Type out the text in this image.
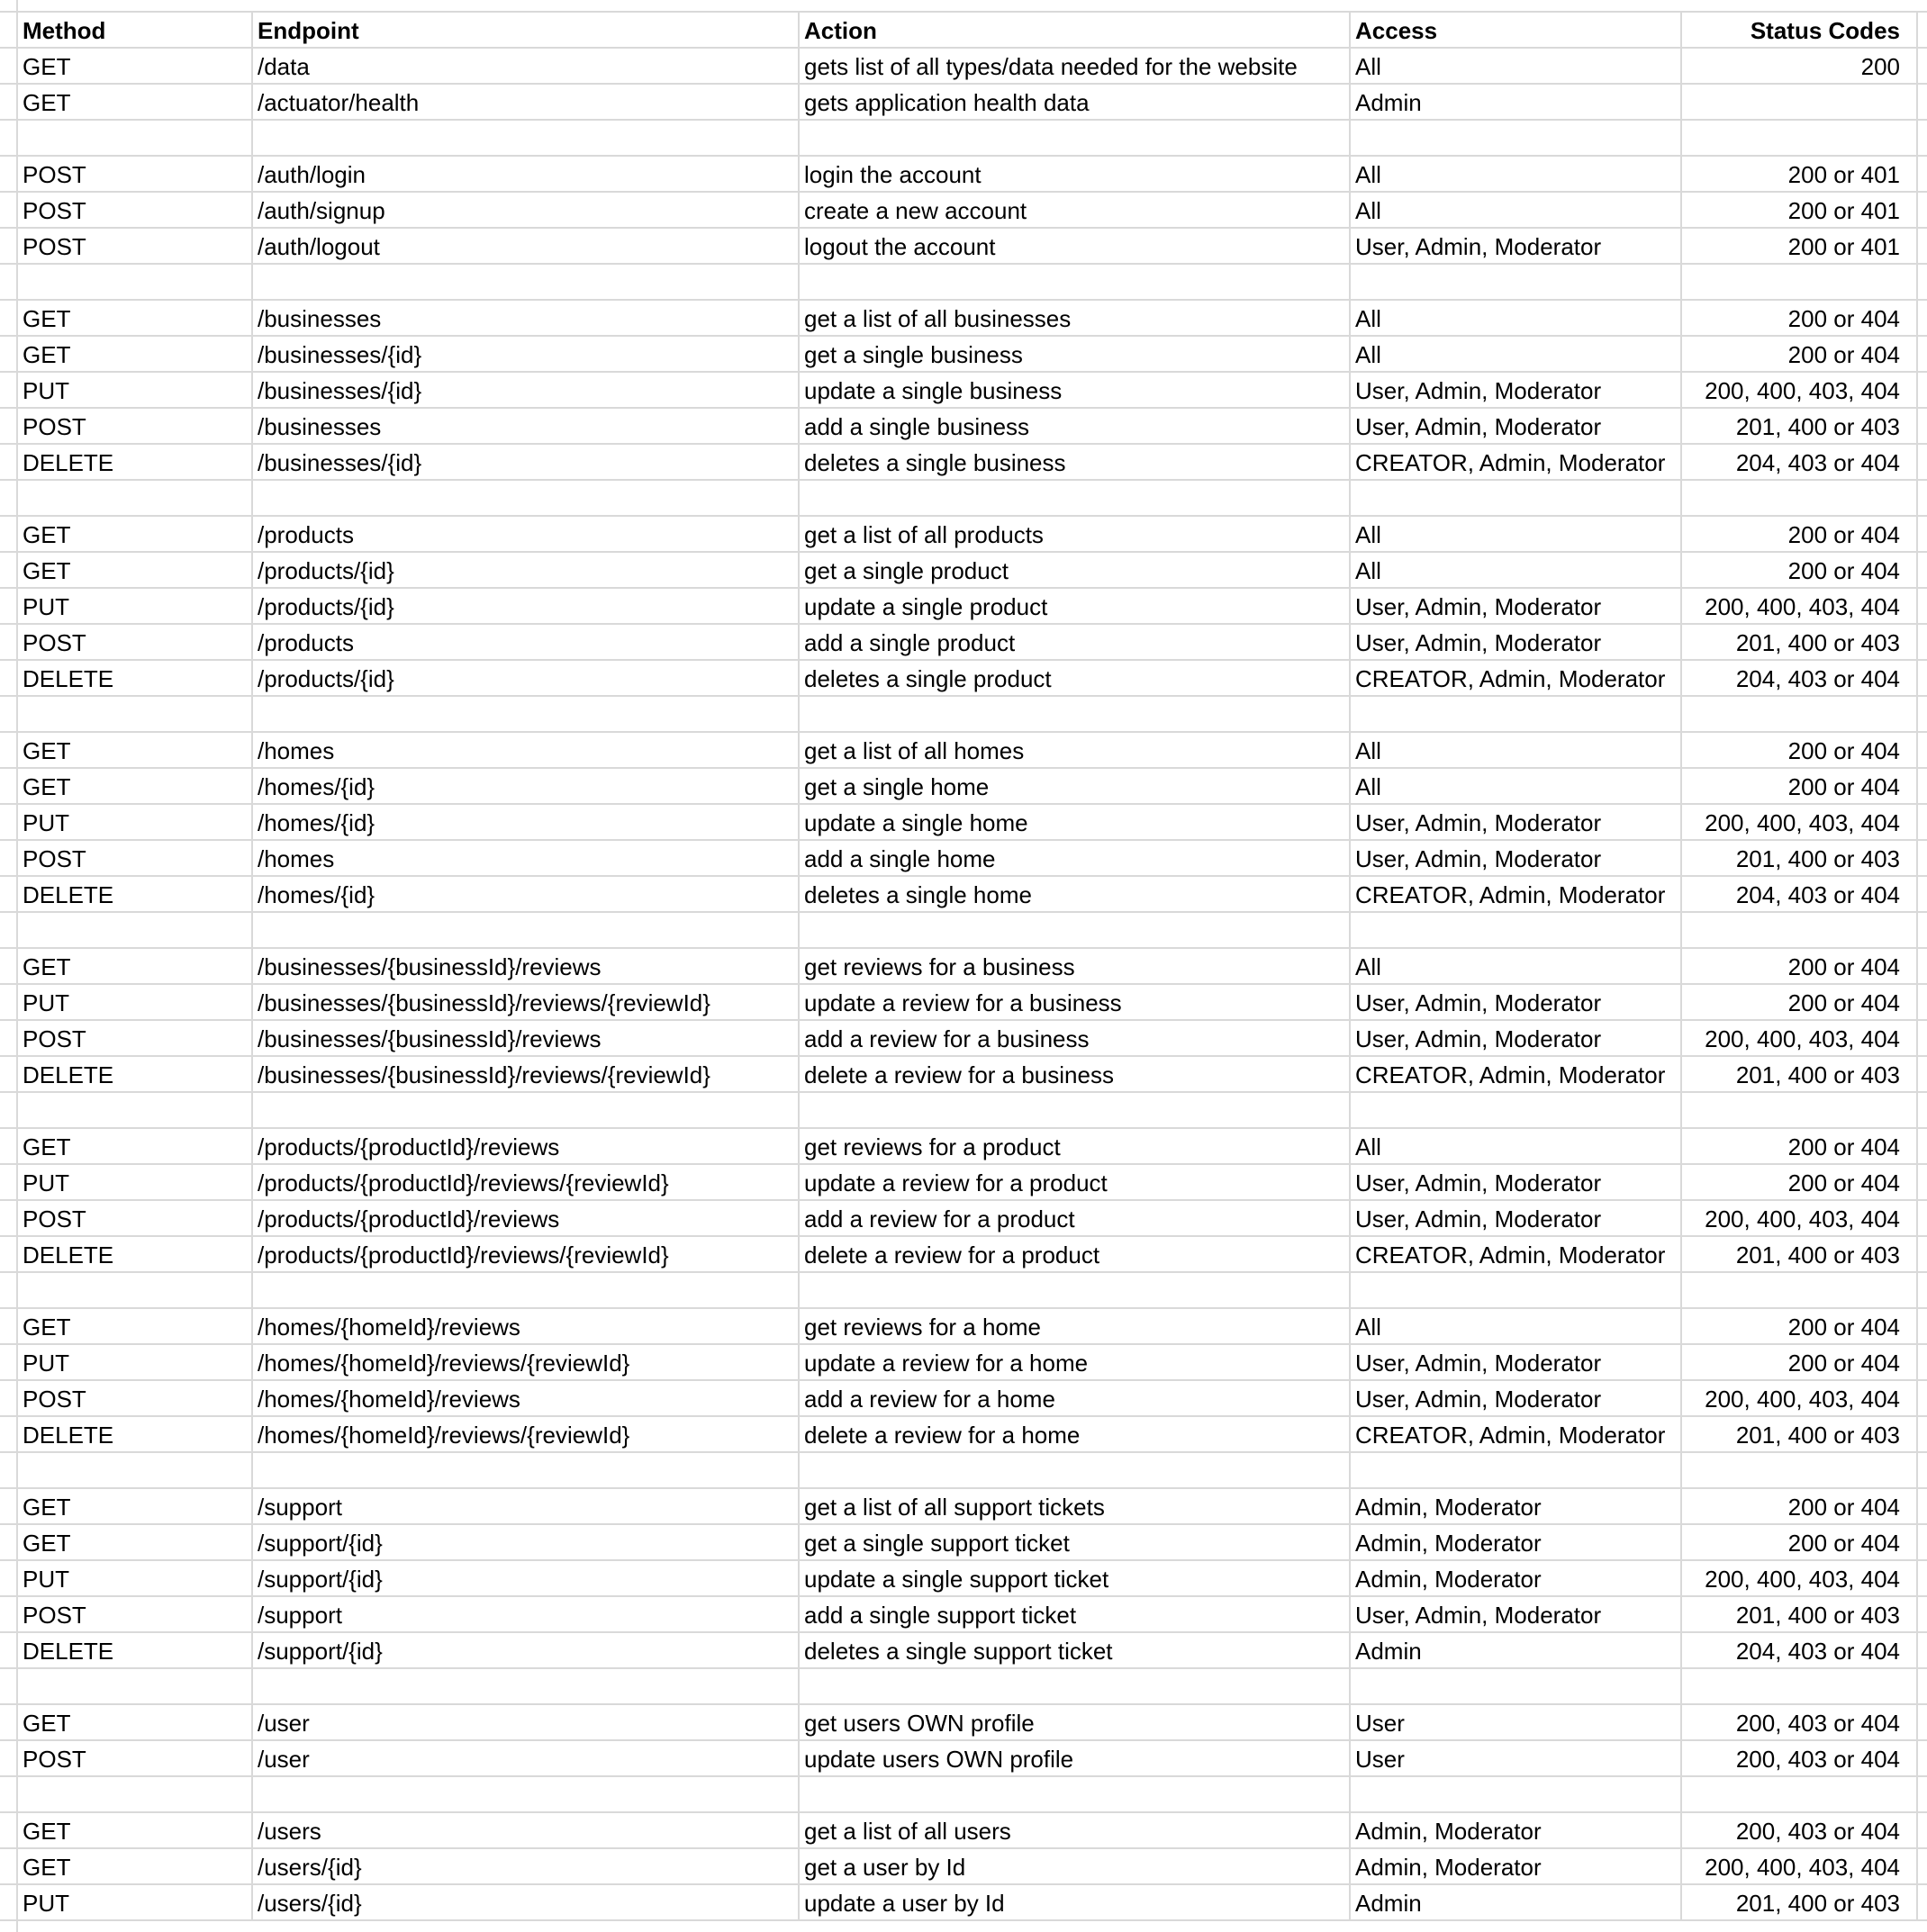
Method	Endpoint	Action	Access	Status Codes
GET	/data	gets list of all types/data needed for the website	All	200
GET	/actuator/health	gets application health data	Admin
POST	/auth/login	login the account	All	200 or 401
POST	/auth/signup	create a new account	All	200 or 401
POST	/auth/logout	logout the account	User, Admin, Moderator	200 or 401
GET	/businesses	get a list of all businesses	All	200 or 404
GET	/businesses/{id}	get a single business	All	200 or 404
PUT	/businesses/{id}	update a single business	User, Admin, Moderator	200, 400, 403, 404
POST	/businesses	add a single business	User, Admin, Moderator	201, 400 or 403
DELETE	/businesses/{id}	deletes a single business	CREATOR, Admin, Moderator	204, 403 or 404
GET	/products	get a list of all products	All	200 or 404
GET	/products/{id}	get a single product	All	200 or 404
PUT	/products/{id}	update a single product	User, Admin, Moderator	200, 400, 403, 404
POST	/products	add a single product	User, Admin, Moderator	201, 400 or 403
DELETE	/products/{id}	deletes a single product	CREATOR, Admin, Moderator	204, 403 or 404
GET	/homes	get a list of all homes	All	200 or 404
GET	/homes/{id}	get a single home	All	200 or 404
PUT	/homes/{id}	update a single home	User, Admin, Moderator	200, 400, 403, 404
POST	/homes	add a single home	User, Admin, Moderator	201, 400 or 403
DELETE	/homes/{id}	deletes a single home	CREATOR, Admin, Moderator	204, 403 or 404
GET	/businesses/{businessId}/reviews	get reviews for a business	All	200 or 404
PUT	/businesses/{businessId}/reviews/{reviewId}	update a review for a business	User, Admin, Moderator	200 or 404
POST	/businesses/{businessId}/reviews	add a review for a business	User, Admin, Moderator	200, 400, 403, 404
DELETE	/businesses/{businessId}/reviews/{reviewId}	delete a review for a business	CREATOR, Admin, Moderator	201, 400 or 403
GET	/products/{productId}/reviews	get reviews for a product	All	200 or 404
PUT	/products/{productId}/reviews/{reviewId}	update a review for a product	User, Admin, Moderator	200 or 404
POST	/products/{productId}/reviews	add a review for a product	User, Admin, Moderator	200, 400, 403, 404
DELETE	/products/{productId}/reviews/{reviewId}	delete a review for a product	CREATOR, Admin, Moderator	201, 400 or 403
GET	/homes/{homeId}/reviews	get reviews for a home	All	200 or 404
PUT	/homes/{homeId}/reviews/{reviewId}	update a review for a home	User, Admin, Moderator	200 or 404
POST	/homes/{homeId}/reviews	add a review for a home	User, Admin, Moderator	200, 400, 403, 404
DELETE	/homes/{homeId}/reviews/{reviewId}	delete a review for a home	CREATOR, Admin, Moderator	201, 400 or 403
GET	/support	get a list of all support tickets	Admin, Moderator	200 or 404
GET	/support/{id}	get a single support ticket	Admin, Moderator	200 or 404
PUT	/support/{id}	update a single support ticket	Admin, Moderator	200, 400, 403, 404
POST	/support	add a single support ticket	User, Admin, Moderator	201, 400 or 403
DELETE	/support/{id}	deletes a single support ticket	Admin	204, 403 or 404
GET	/user	get users OWN profile	User	200, 403 or 404
POST	/user	update users OWN profile	User	200, 403 or 404
GET	/users	get a list of all users	Admin, Moderator	200, 403 or 404
GET	/users/{id}	get a user by Id	Admin, Moderator	200, 400, 403, 404
PUT	/users/{id}	update a user by Id	Admin	201, 400 or 403
